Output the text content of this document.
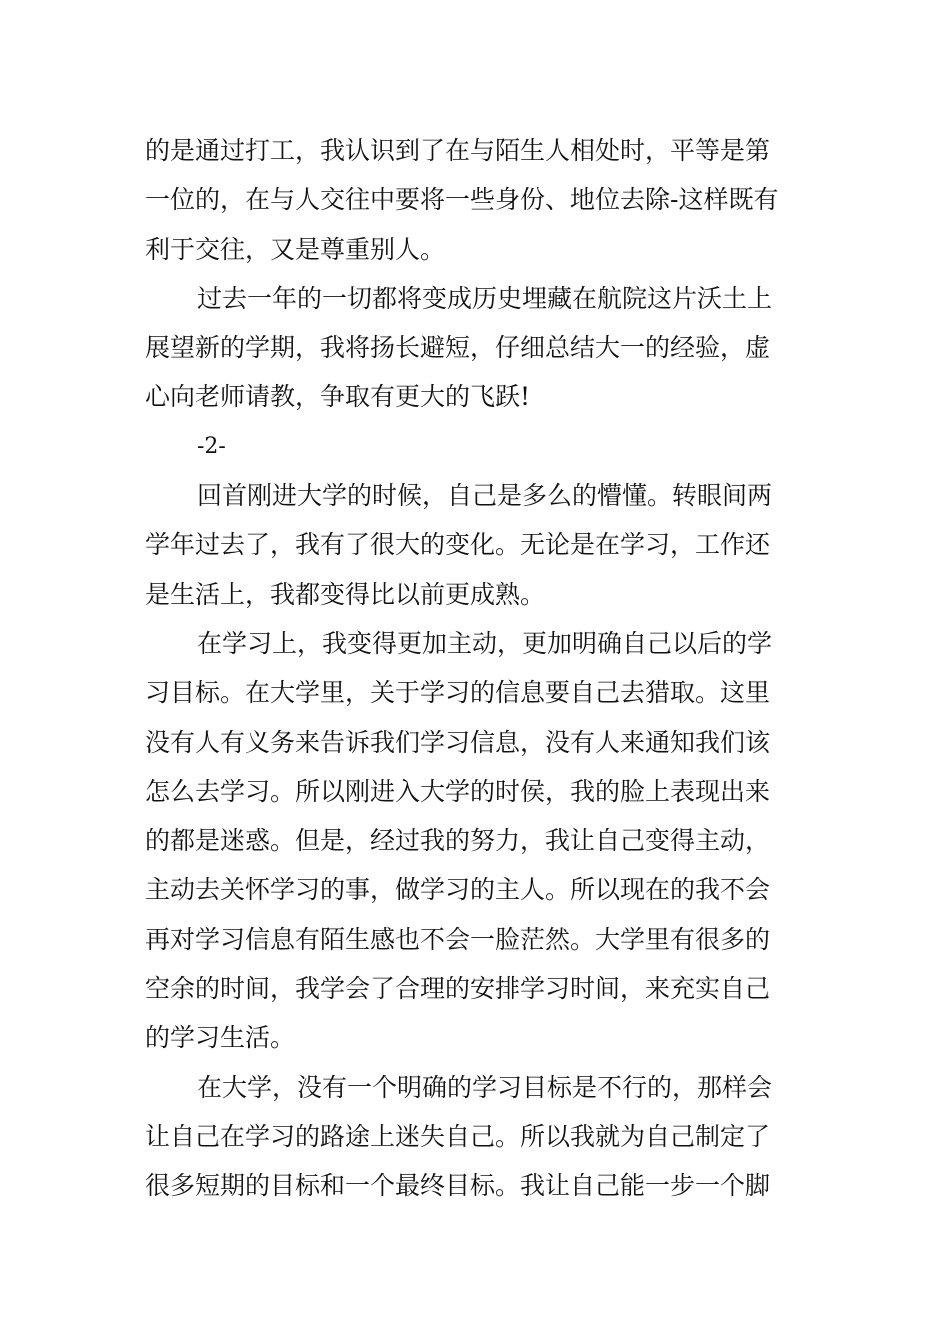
的是通过打工，我认识到了在与陌生人相处时，平等是第
一位的，在与人交往中要将一些身份、地位去除-这样既有
利于交往，又是尊重别人。
过去一年的一切都将变成历史埋藏在航院这片沃土上
展望新的学期，我将扬长避短，仔细总结大一的经验，虚
心向老师请教，争取有更大的飞跃!
-2-
回首刚进大学的时候，自己是多么的懵懂。转眼间两
学年过去了，我有了很大的变化。无论是在学习，工作还
是生活上，我都变得比以前更成熟。
在学习上，我变得更加主动，更加明确自己以后的学
习目标。在大学里，关于学习的信息要自己去猎取。这里
没有人有义务来告诉我们学习信息，没有人来通知我们该
怎么去学习。所以刚进入大学的时侯，我的脸上表现出来
的都是迷惑。但是，经过我的努力，我让自己变得主动，
主动去关怀学习的事，做学习的主人。所以现在的我不会
再对学习信息有陌生感也不会一脸茫然。大学里有很多的
空余的时间，我学会了合理的安排学习时间，来充实自己
的学习生活。
在大学，没有一个明确的学习目标是不行的，那样会
让自己在学习的路途上迷失自己。所以我就为自己制定了
很多短期的目标和一个最终目标。我让自己能一步一个脚
